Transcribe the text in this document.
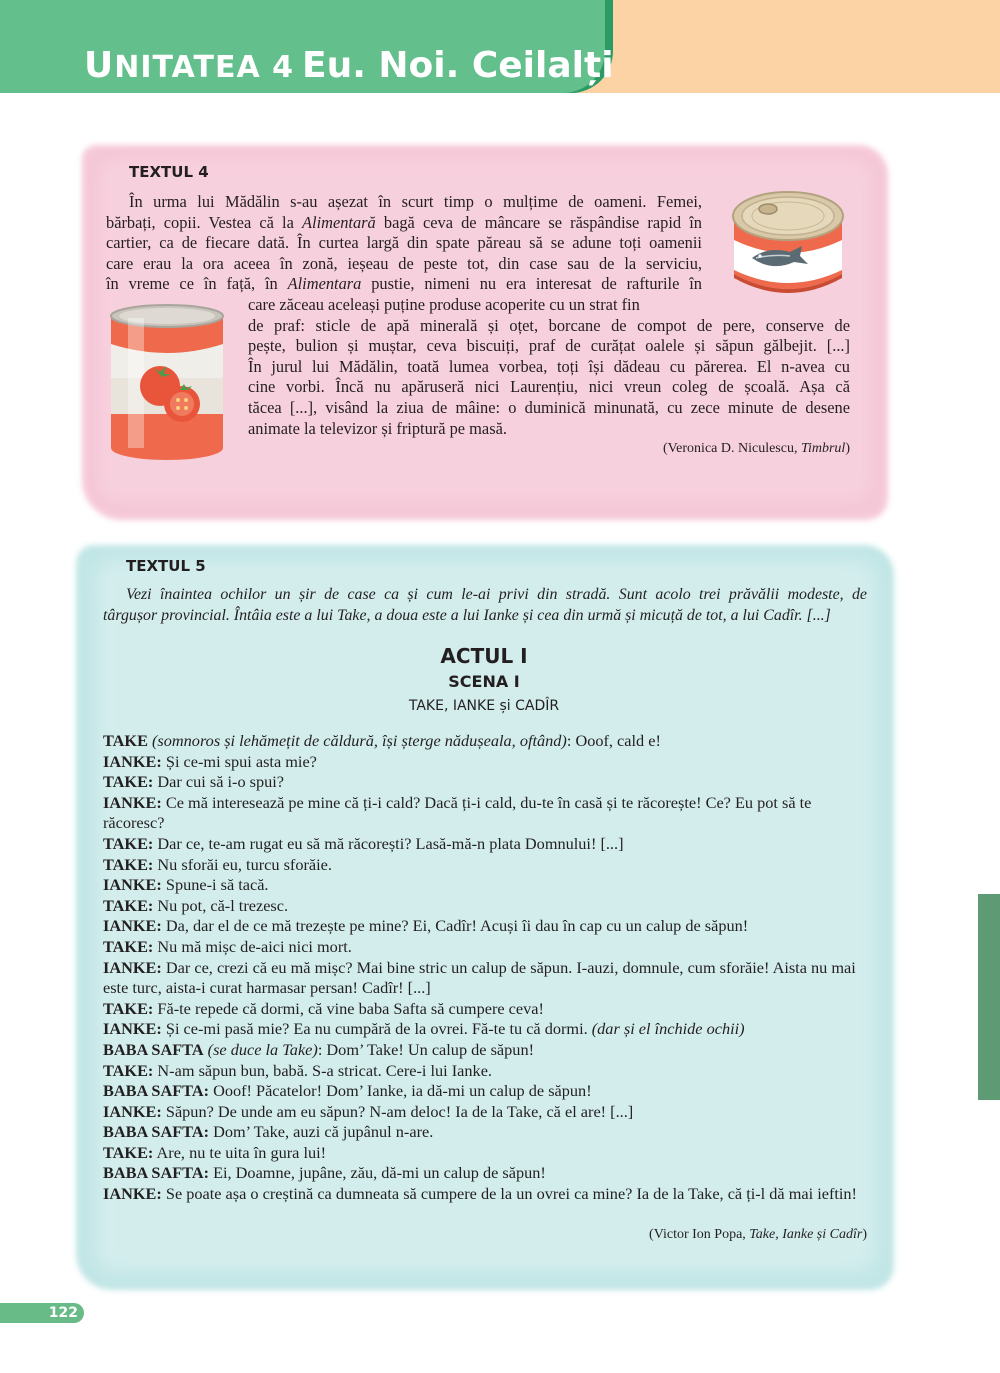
UNITATEA 4 Eu. Noi. Ceilalți
TEXTUL 4
În urma lui Mădălin s-au așezat în scurt timp o mulțime de oameni. Femei,
bărbați, copii. Vestea că la Alimentară bagă ceva de mâncare se răspândise rapid în
cartier, ca de fiecare dată. În curtea largă din spate păreau să se adune toți oamenii
care erau la ora aceea în zonă, ieșeau de peste tot, din case sau de la serviciu,
în vreme ce în față, în Alimentara pustie, nimeni nu era interesat de rafturile în
care zăceau aceleași puține produse acoperite cu un strat fin
de praf: sticle de apă minerală și oțet, borcane de compot de pere, conserve de
pește, bulion și muștar, ceva biscuiți, praf de curățat oalele și săpun gălbejit. [...]
În jurul lui Mădălin, toată lumea vorbea, toți își dădeau cu părerea. El n-avea cu
cine vorbi. Încă nu apăruseră nici Laurențiu, nici vreun coleg de școală. Așa că
tăcea [...], visând la ziua de mâine: o duminică minunată, cu zece minute de desene
animate la televizor și friptură pe masă.
(Veronica D. Niculescu, Timbrul)
TEXTUL 5
Vezi înaintea ochilor un șir de case ca și cum le-ai privi din stradă. Sunt acolo trei prăvălii modeste, de
târgușor provincial. Întâia este a lui Take, a doua este a lui Ianke și cea din urmă și micuță de tot, a lui Cadîr. [...]
ACTUL I
SCENA I
TAKE, IANKE și CADÎR
TAKE (somnoros și lehămețit de căldură, își șterge nădușeala, oftând): Ooof, cald e!
IANKE: Și ce-mi spui asta mie?
TAKE: Dar cui să i-o spui?
IANKE: Ce mă interesează pe mine că ți-i cald? Dacă ți-i cald, du-te în casă și te răcorește! Ce? Eu pot să te răcoresc?
TAKE: Dar ce, te-am rugat eu să mă răcorești? Lasă-mă-n plata Domnului! [...]
TAKE: Nu sforăi eu, turcu sforăie.
IANKE: Spune-i să tacă.
TAKE: Nu pot, că-l trezesc.
IANKE: Da, dar el de ce mă trezește pe mine? Ei, Cadîr! Acuși îi dau în cap cu un calup de săpun!
TAKE: Nu mă mișc de-aici nici mort.
IANKE: Dar ce, crezi că eu mă mișc? Mai bine stric un calup de săpun. I-auzi, domnule, cum sforăie! Aista nu mai este turc, aista-i curat harmasar persan! Cadîr! [...]
TAKE: Fă-te repede că dormi, că vine baba Safta să cumpere ceva!
IANKE: Și ce-mi pasă mie? Ea nu cumpără de la ovrei. Fă-te tu că dormi. (dar și el închide ochii)
BABA SAFTA (se duce la Take): Dom’ Take! Un calup de săpun!
TAKE: N-am săpun bun, babă. S-a stricat. Cere-i lui Ianke.
BABA SAFTA: Ooof! Păcatelor! Dom’ Ianke, ia dă-mi un calup de săpun!
IANKE: Săpun? De unde am eu săpun? N-am deloc! Ia de la Take, că el are! [...]
BABA SAFTA: Dom’ Take, auzi că jupânul n-are.
TAKE: Are, nu te uita în gura lui!
BABA SAFTA: Ei, Doamne, jupâne, zău, dă-mi un calup de săpun!
IANKE: Se poate așa o creștină ca dumneata să cumpere de la un ovrei ca mine? Ia de la Take, că ți-l dă mai ieftin!
(Victor Ion Popa, Take, Ianke și Cadîr)
122
